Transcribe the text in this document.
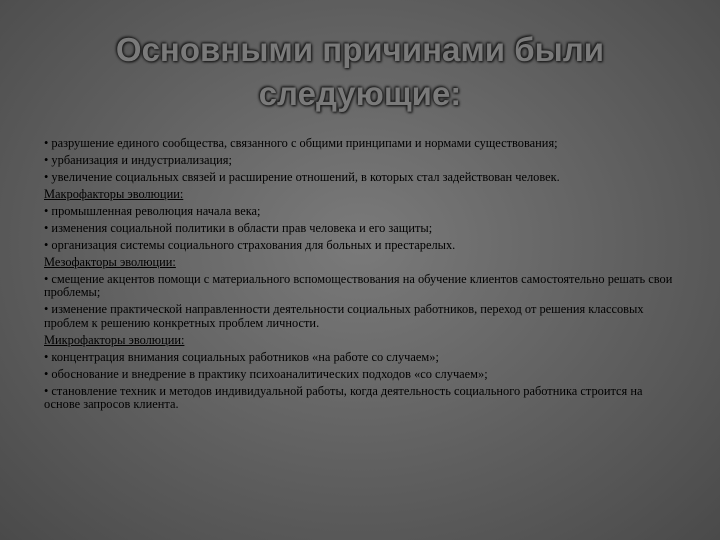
Основными причинами были
следующие:
• разрушение единого сообщества, связанного с общими принципами и нормами существования;
• урбанизация и индустриализация;
• увеличение социальных связей и расширение отношений, в которых стал задействован человек.
Макрофакторы эволюции:
• промышленная революция начала века;
• изменения социальной политики в области прав человека и его защиты;
• организация системы социального страхования для больных и престарелых.
Мезофакторы эволюции:
• смещение акцентов помощи с материального вспомоществования на обучение клиентов самостоятельно решать свои проблемы;
• изменение практической направленности деятельности социальных работников, переход от решения классовых проблем к решению конкретных проблем личности.
Микрофакторы эволюции:
• концентрация внимания социальных работников «на работе со случаем»;
• обоснование и внедрение в практику психоаналитических подходов «со случаем»;
• становление техник и методов индивидуальной работы, когда деятельность социального работника строится на основе запросов клиента.
